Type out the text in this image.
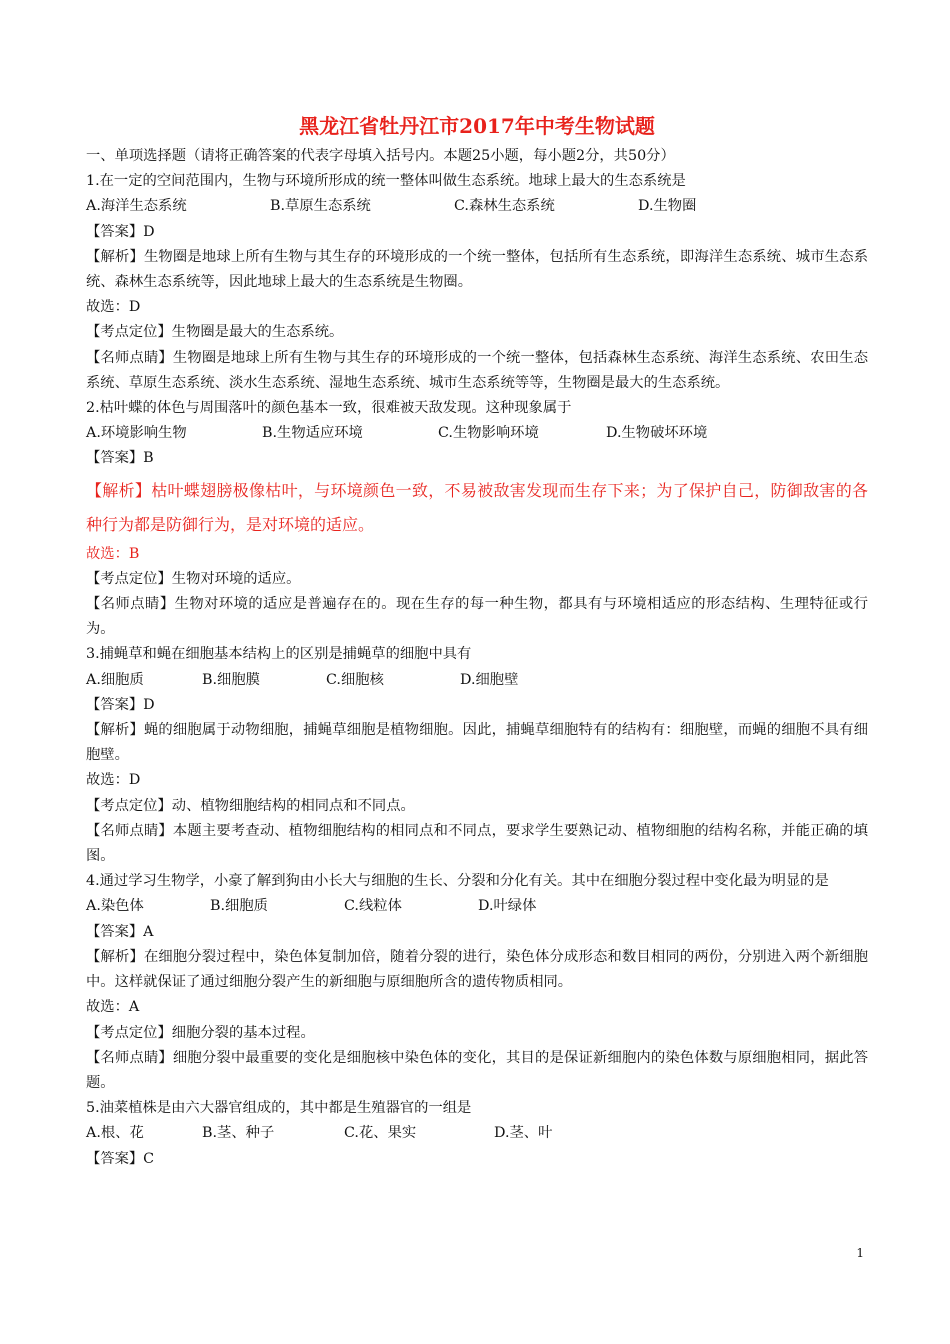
黑龙江省牡丹江市2017年中考生物试题
一、单项选择题（请将正确答案的代表字母填入括号内。本题25小题，每小题2分，共50分）
1.在一定的空间范围内，生物与环境所形成的统一整体叫做生态系统。地球上最大的生态系统是
A.海洋生态系统	B.草原生态系统	C.森林生态系统	D.生物圈
【答案】D
【解析】生物圈是地球上所有生物与其生存的环境形成的一个统一整体，包括所有生态系统，即海洋生态系统、城市生态系统、森林生态系统等，因此地球上最大的生态系统是生物圈。
故选：D
【考点定位】生物圈是最大的生态系统。
【名师点睛】生物圈是地球上所有生物与其生存的环境形成的一个统一整体，包括森林生态系统、海洋生态系统、农田生态系统、草原生态系统、淡水生态系统、湿地生态系统、城市生态系统等等，生物圈是最大的生态系统。
2.枯叶蝶的体色与周围落叶的颜色基本一致，很难被天敌发现。这种现象属于
A.环境影响生物	B.生物适应环境	C.生物影响环境	D.生物破坏环境
【答案】B
【解析】枯叶蝶翅膀极像枯叶，与环境颜色一致，不易被敌害发现而生存下来；为了保护自己，防御敌害的各种行为都是防御行为，是对环境的适应。
故选：B
【考点定位】生物对环境的适应。
【名师点睛】生物对环境的适应是普遍存在的。现在生存的每一种生物，都具有与环境相适应的形态结构、生理特征或行为。
3.捕蝇草和蝇在细胞基本结构上的区别是捕蝇草的细胞中具有
A.细胞质	B.细胞膜	C.细胞核	D.细胞壁
【答案】D
【解析】蝇的细胞属于动物细胞，捕蝇草细胞是植物细胞。因此，捕蝇草细胞特有的结构有：细胞壁，而蝇的细胞不具有细胞壁。
故选：D
【考点定位】动、植物细胞结构的相同点和不同点。
【名师点睛】本题主要考查动、植物细胞结构的相同点和不同点，要求学生要熟记动、植物细胞的结构名称，并能正确的填图。
4.通过学习生物学，小豪了解到狗由小长大与细胞的生长、分裂和分化有关。其中在细胞分裂过程中变化最为明显的是
A.染色体	B.细胞质	C.线粒体	D.叶绿体
【答案】A
【解析】在细胞分裂过程中，染色体复制加倍，随着分裂的进行，染色体分成形态和数目相同的两份，分别进入两个新细胞中。这样就保证了通过细胞分裂产生的新细胞与原细胞所含的遗传物质相同。
故选：A
【考点定位】细胞分裂的基本过程。
【名师点睛】细胞分裂中最重要的变化是细胞核中染色体的变化，其目的是保证新细胞内的染色体数与原细胞相同，据此答题。
5.油菜植株是由六大器官组成的，其中都是生殖器官的一组是
A.根、花	B.茎、种子	C.花、果实	D.茎、叶
【答案】C
1
